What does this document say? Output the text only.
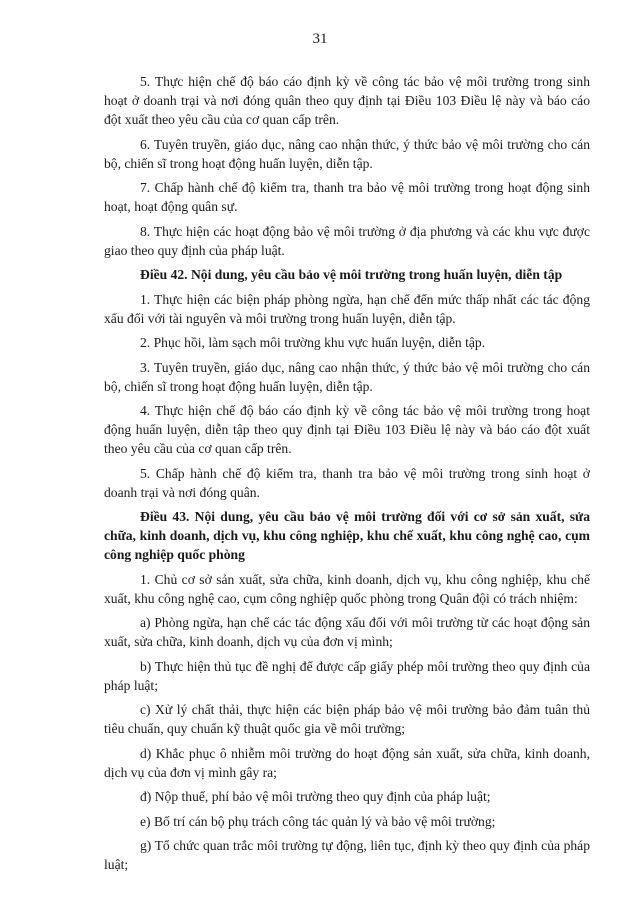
31

5. Thực hiện chế độ báo cáo định kỳ về công tác bảo vệ môi trường trong sinh hoạt ở doanh trại và nơi đóng quân theo quy định tại Điều 103 Điều lệ này và báo cáo đột xuất theo yêu cầu của cơ quan cấp trên.

6. Tuyên truyền, giáo dục, nâng cao nhận thức, ý thức bảo vệ môi trường cho cán bộ, chiến sĩ trong hoạt động huấn luyện, diễn tập.

7. Chấp hành chế độ kiểm tra, thanh tra bảo vệ môi trường trong hoạt động sinh hoạt, hoạt động quân sự.

8. Thực hiện các hoạt động bảo vệ môi trường ở địa phương và các khu vực được giao theo quy định của pháp luật.

Điều 42. Nội dung, yêu cầu bảo vệ môi trường trong huấn luyện, diễn tập

1. Thực hiện các biện pháp phòng ngừa, hạn chế đến mức thấp nhất các tác động xấu đối với tài nguyên và môi trường trong huấn luyện, diễn tập.

2. Phục hồi, làm sạch môi trường khu vực huấn luyện, diễn tập.

3. Tuyên truyền, giáo dục, nâng cao nhận thức, ý thức bảo vệ môi trường cho cán bộ, chiến sĩ trong hoạt động huấn luyện, diễn tập.

4. Thực hiện chế độ báo cáo định kỳ về công tác bảo vệ môi trường trong hoạt động huấn luyện, diễn tập theo quy định tại Điều 103 Điều lệ này và báo cáo đột xuất theo yêu cầu của cơ quan cấp trên.

5. Chấp hành chế độ kiểm tra, thanh tra bảo vệ môi trường trong sinh hoạt ở doanh trại và nơi đóng quân.

Điều 43. Nội dung, yêu cầu bảo vệ môi trường đối với cơ sở sản xuất, sửa chữa, kinh doanh, dịch vụ, khu công nghiệp, khu chế xuất, khu công nghệ cao, cụm công nghiệp quốc phòng

1. Chủ cơ sở sản xuất, sửa chữa, kinh doanh, dịch vụ, khu công nghiệp, khu chế xuất, khu công nghệ cao, cụm công nghiệp quốc phòng trong Quân đội có trách nhiệm:

a) Phòng ngừa, hạn chế các tác động xấu đối với môi trường từ các hoạt động sản xuất, sửa chữa, kinh doanh, dịch vụ của đơn vị mình;

b) Thực hiện thủ tục đề nghị để được cấp giấy phép môi trường theo quy định của pháp luật;

c) Xử lý chất thải, thực hiện các biện pháp bảo vệ môi trường bảo đảm tuân thủ tiêu chuẩn, quy chuẩn kỹ thuật quốc gia về môi trường;

d) Khắc phục ô nhiễm môi trường do hoạt động sản xuất, sửa chữa, kinh doanh, dịch vụ của đơn vị mình gây ra;

đ) Nộp thuế, phí bảo vệ môi trường theo quy định của pháp luật;

e) Bố trí cán bộ phụ trách công tác quản lý và bảo vệ môi trường;

g) Tổ chức quan trắc môi trường tự động, liên tục, định kỳ theo quy định của pháp luật;
